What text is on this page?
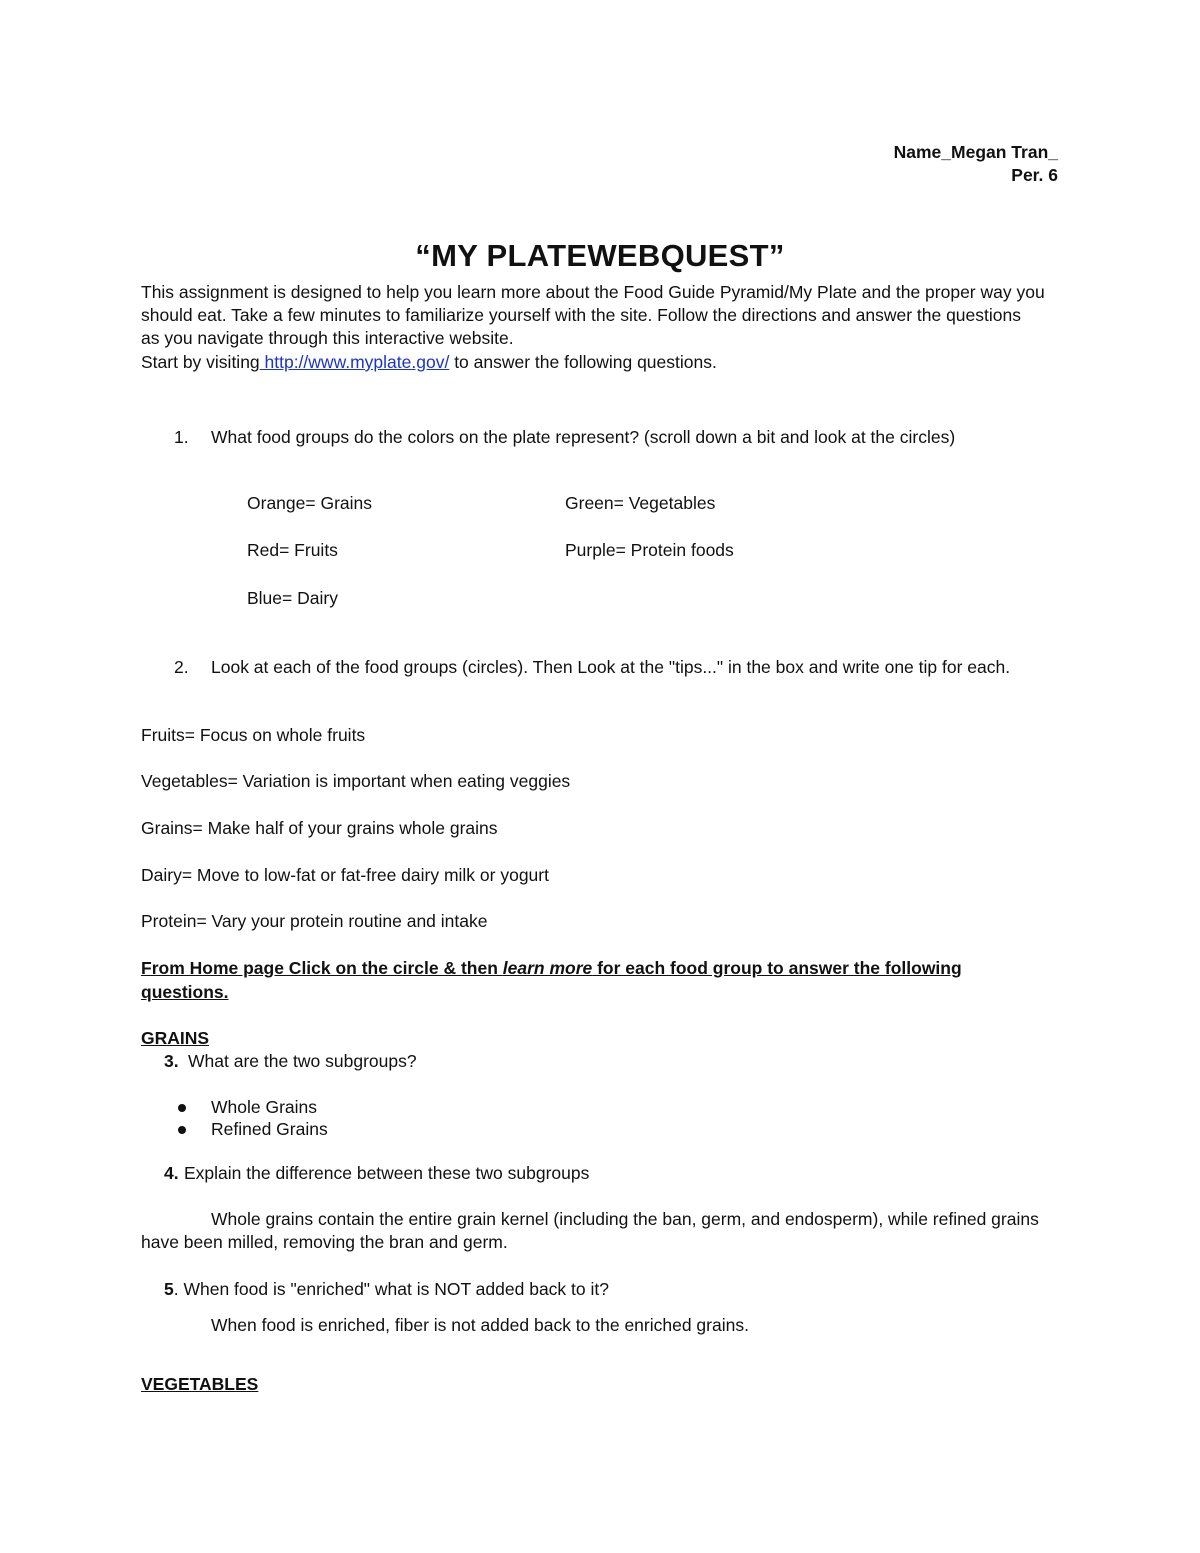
Name_Megan Tran_
Per. 6
“MY PLATEWEBQUEST”
This assignment is designed to help you learn more about the Food Guide Pyramid/My Plate and the proper way you
should eat. Take a few minutes to familiarize yourself with the site. Follow the directions and answer the questions
as you navigate through this interactive website.
Start by visiting http://www.myplate.gov/ to answer the following questions.
1. What food groups do the colors on the plate represent? (scroll down a bit and look at the circles)
Orange= Grains	Green= Vegetables
Red= Fruits	Purple= Protein foods
Blue= Dairy
2. Look at each of the food groups (circles). Then Look at the "tips..." in the box and write one tip for each.
Fruits= Focus on whole fruits
Vegetables= Variation is important when eating veggies
Grains= Make half of your grains whole grains
Dairy= Move to low-fat or fat-free dairy milk or yogurt
Protein= Vary your protein routine and intake
From Home page Click on the circle & then learn more for each food group to answer the following
questions.
GRAINS
3. What are the two subgroups?
Whole Grains
Refined Grains
4. Explain the difference between these two subgroups
Whole grains contain the entire grain kernel (including the ban, germ, and endosperm), while refined grains
have been milled, removing the bran and germ.
5. When food is "enriched" what is NOT added back to it?
When food is enriched, fiber is not added back to the enriched grains.
VEGETABLES
